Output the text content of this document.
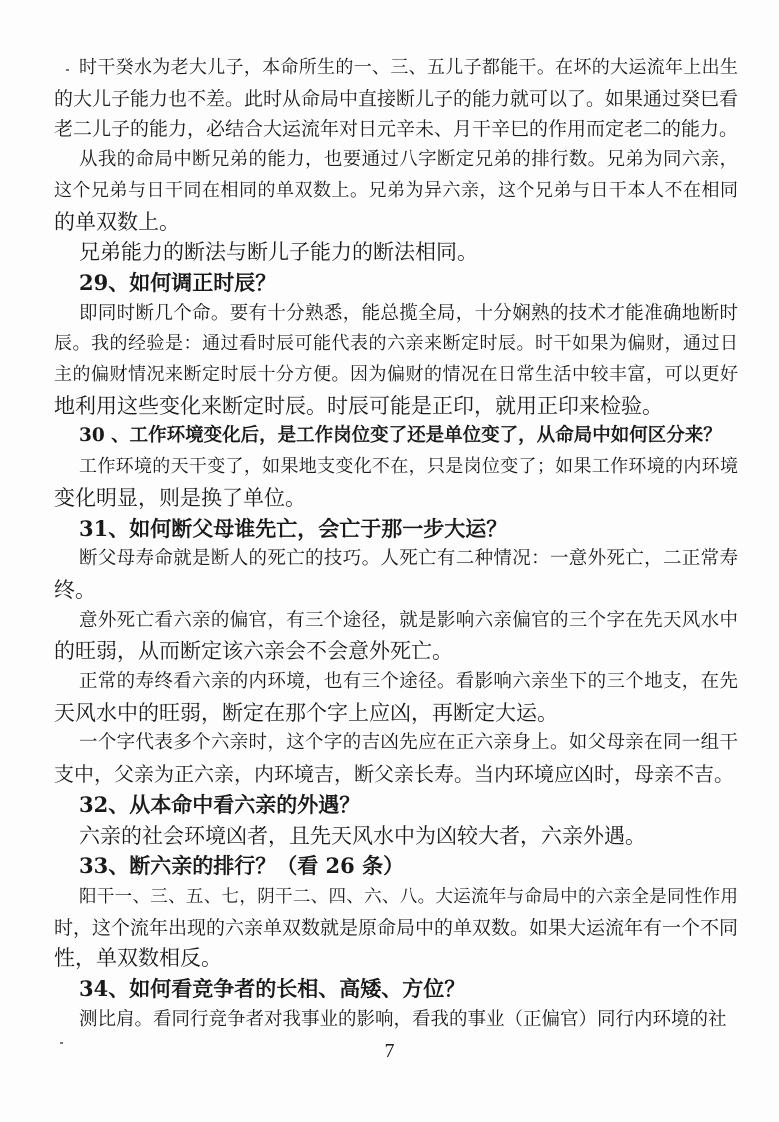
时干癸水为老大儿子，本命所生的一、三、五儿子都能干。在坏的大运流年上出生
的大儿子能力也不差。此时从命局中直接断儿子的能力就可以了。如果通过癸巳看
老二儿子的能力，必结合大运流年对日元辛未、月干辛巳的作用而定老二的能力。
从我的命局中断兄弟的能力，也要通过八字断定兄弟的排行数。兄弟为同六亲，
这个兄弟与日干同在相同的单双数上。兄弟为异六亲，这个兄弟与日干本人不在相同
的单双数上。
兄弟能力的断法与断儿子能力的断法相同。
29、如何调正时辰？
即同时断几个命。要有十分熟悉，能总揽全局，十分娴熟的技术才能准确地断时
辰。我的经验是：通过看时辰可能代表的六亲来断定时辰。时干如果为偏财，通过日
主的偏财情况来断定时辰十分方便。因为偏财的情况在日常生活中较丰富，可以更好
地利用这些变化来断定时辰。时辰可能是正印，就用正印来检验。
30 、工作环境变化后，是工作岗位变了还是单位变了，从命局中如何区分来？
工作环境的天干变了，如果地支变化不在，只是岗位变了；如果工作环境的内环境
变化明显，则是换了单位。
31、如何断父母谁先亡，会亡于那一步大运？
断父母寿命就是断人的死亡的技巧。人死亡有二种情况：一意外死亡，二正常寿
终。
意外死亡看六亲的偏官，有三个途径，就是影响六亲偏官的三个字在先天风水中
的旺弱，从而断定该六亲会不会意外死亡。
正常的寿终看六亲的内环境，也有三个途径。看影响六亲坐下的三个地支，在先
天风水中的旺弱，断定在那个字上应凶，再断定大运。
一个字代表多个六亲时，这个字的吉凶先应在正六亲身上。如父母亲在同一组干
支中，父亲为正六亲，内环境吉，断父亲长寿。当内环境应凶时，母亲不吉。
32、从本命中看六亲的外遇？
六亲的社会环境凶者，且先天风水中为凶较大者，六亲外遇。
33、断六亲的排行？（看 26 条）
阳干一、三、五、七，阴干二、四、六、八。大运流年与命局中的六亲全是同性作用
时，这个流年出现的六亲单双数就是原命局中的单双数。如果大运流年有一个不同
性，单双数相反。
34、如何看竞争者的长相、高矮、方位？
测比肩。看同行竞争者对我事业的影响，看我的事业（正偏官）同行内环境的社
7
